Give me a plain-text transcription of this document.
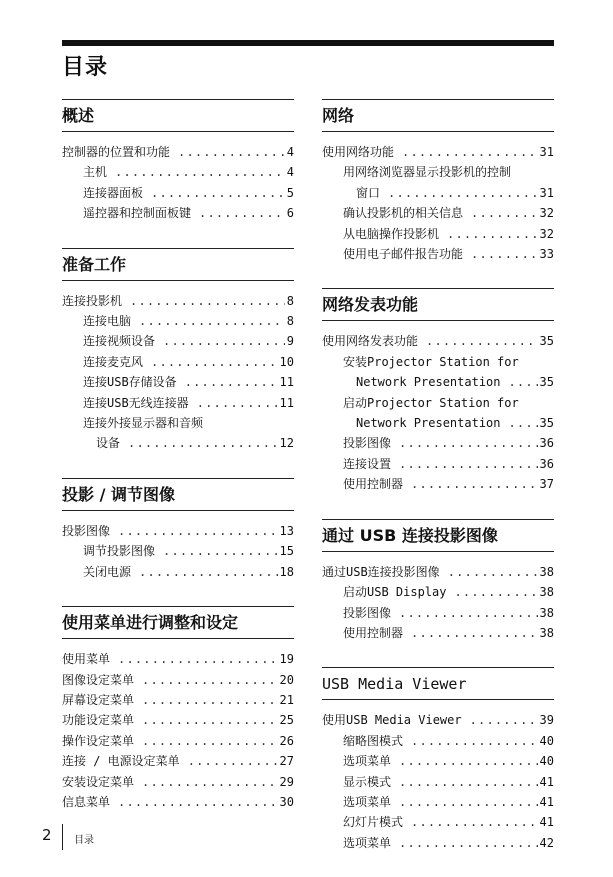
目录
概述
控制器的位置和功能 .....	4
主机 .....	4
连接器面板 .....	5
遥控器和控制面板键 .....	6
准备工作
连接投影机 .....	8
连接电脑 .....	8
连接视频设备 .....	9
连接麦克风 .....	10
连接USB存储设备 .....	11
连接USB无线连接器 .....	11
连接外接显示器和音频
设备 .....	12
投影 / 调节图像
投影图像 .....	13
调节投影图像 .....	15
关闭电源 .....	18
使用菜单进行调整和设定
使用菜单 .....	19
图像设定菜单 .....	20
屏幕设定菜单 .....	21
功能设定菜单 .....	25
操作设定菜单 .....	26
连接 / 电源设定菜单 .....	27
安装设定菜单 .....	29
信息菜单 .....	30
网络
使用网络功能 .....	31
用网络浏览器显示投影机的控制
窗口 .....	31
确认投影机的相关信息 .....	32
从电脑操作投影机 .....	32
使用电子邮件报告功能 .....	33
网络发表功能
使用网络发表功能 .....	35
安装Projector Station for
Network Presentation .....	35
启动Projector Station for
Network Presentation .....	35
投影图像 .....	36
连接设置 .....	36
使用控制器 .....	37
通过 USB 连接投影图像
通过USB连接投影图像 .....	38
启动USB Display .....	38
投影图像 .....	38
使用控制器 .....	38
USB Media Viewer
使用USB Media Viewer .....	39
缩略图模式 .....	40
选项菜单 .....	40
显示模式 .....	41
选项菜单 .....	41
幻灯片模式 .....	41
选项菜单 .....	42
2 目录
